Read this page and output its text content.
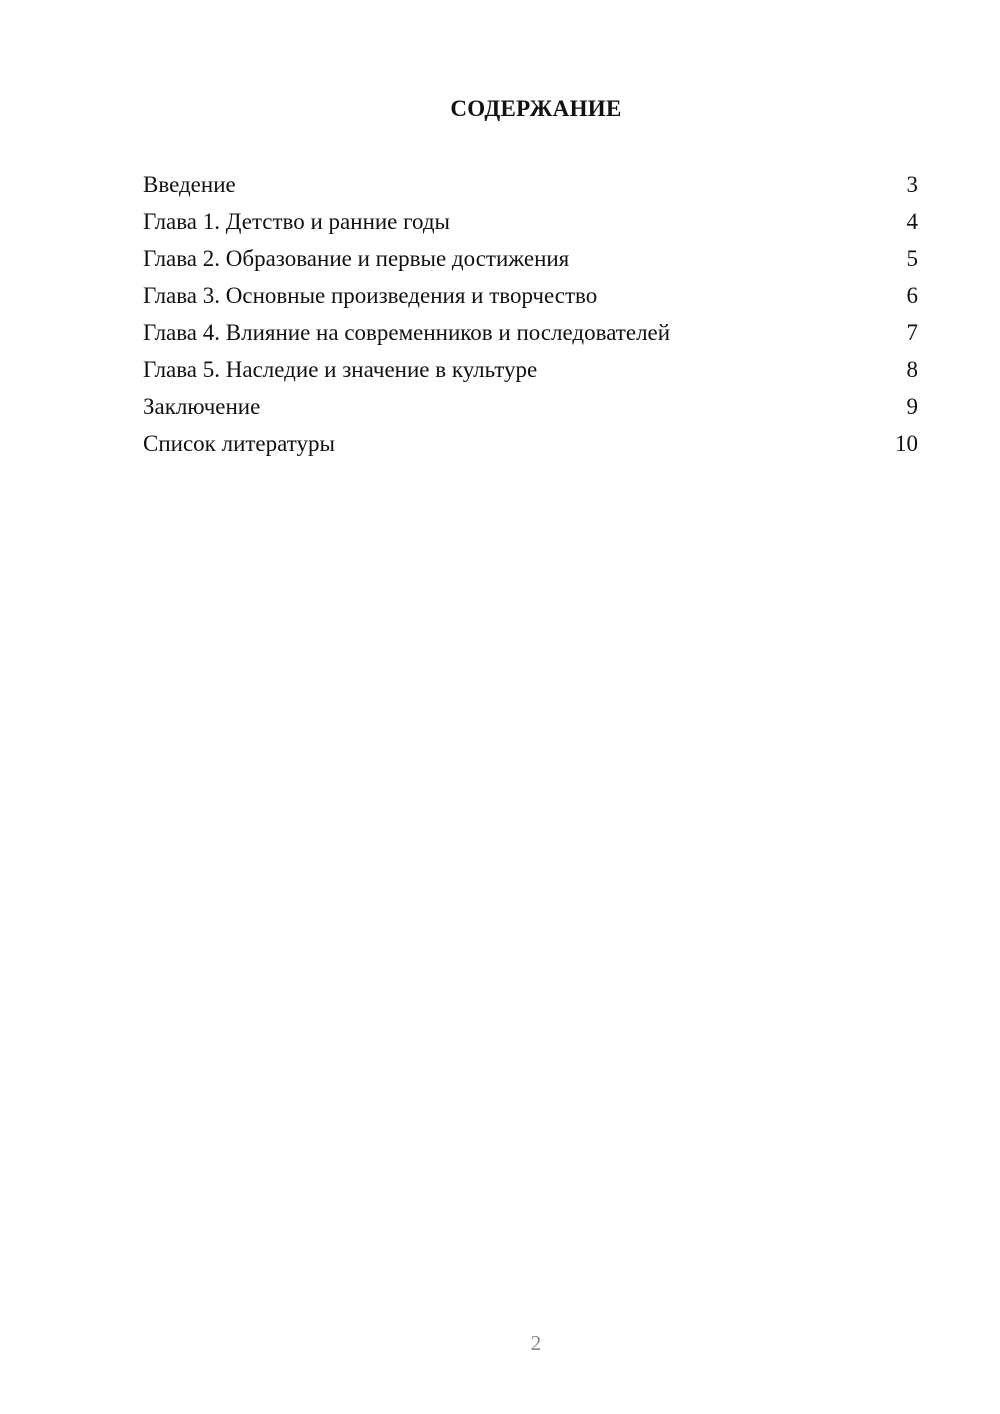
СОДЕРЖАНИЕ
Введение	3
Глава 1. Детство и ранние годы	4
Глава 2. Образование и первые достижения	5
Глава 3. Основные произведения и творчество	6
Глава 4. Влияние на современников и последователей	7
Глава 5. Наследие и значение в культуре	8
Заключение	9
Список литературы	10
2
